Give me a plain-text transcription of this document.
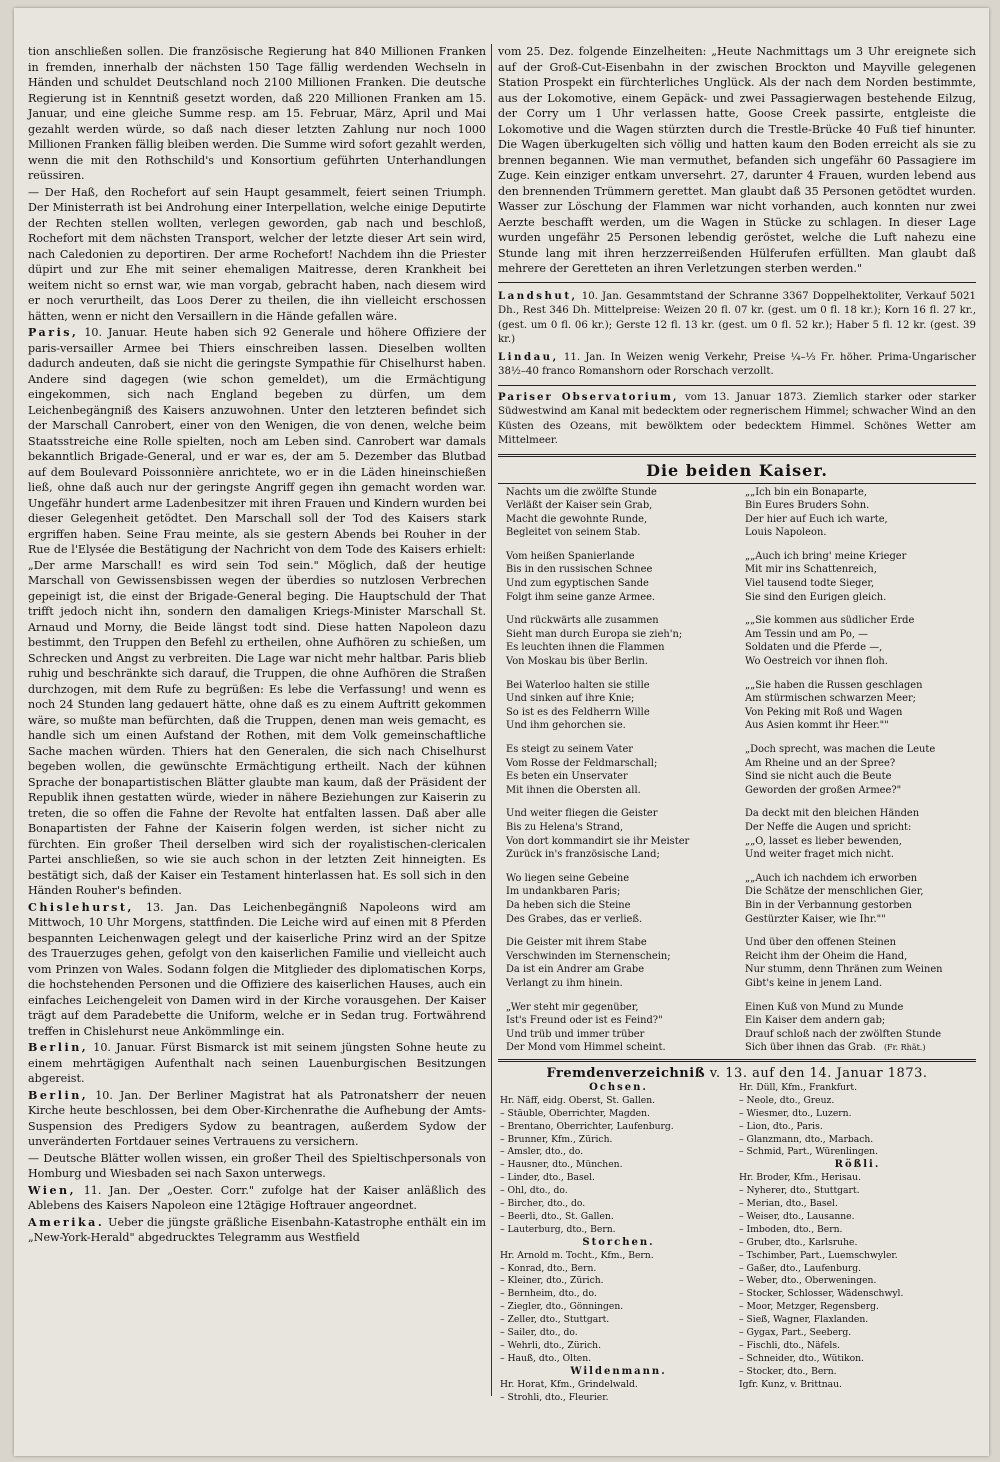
tion anschließen sollen. Die französische Regierung hat 840 Millionen Franken in fremden, innerhalb der nächsten 150 Tage fällig werdenden Wechseln in Händen und schuldet Deutschland noch 2100 Millionen Franken. Die deutsche Regierung ist in Kenntniß gesetzt worden, daß 220 Millionen Franken am 15. Januar, und eine gleiche Summe resp. am 15. Februar, März, April und Mai gezahlt werden würde, so daß nach dieser letzten Zahlung nur noch 1000 Millionen Franken fällig bleiben werden. Die Summe wird sofort gezahlt werden, wenn die mit den Rothschild's und Konsortium geführten Unterhandlungen reüssiren.

— Der Haß, den Rochefort auf sein Haupt gesammelt, feiert seinen Triumph. Der Ministerrath ist bei Androhung einer Interpellation, welche einige Deputirte der Rechten stellen wollten, verlegen geworden, gab nach und beschloß, Rochefort mit dem nächsten Transport, welcher der letzte dieser Art sein wird, nach Caledonien zu deportiren. Der arme Rochefort! Nachdem ihn die Priester düpirt und zur Ehe mit seiner ehemaligen Maitresse, deren Krankheit bei weitem nicht so ernst war, wie man vorgab, gebracht haben, nach diesem wird er noch verurtheilt, das Loos Derer zu theilen, die ihn vielleicht erschossen hätten, wenn er nicht den Versaillern in die Hände gefallen wäre.

Paris, 10. Januar. Heute haben sich 92 Generale und höhere Offiziere der paris-versailler Armee bei Thiers einschreiben lassen. Dieselben wollten dadurch andeuten, daß sie nicht die geringste Sympathie für Chiselhurst haben. Andere sind dagegen (wie schon gemeldet), um die Ermächtigung eingekommen, sich nach England begeben zu dürfen, um dem Leichenbegängniß des Kaisers anzuwohnen. Unter den letzteren befindet sich der Marschall Canrobert, einer von den Wenigen, die von denen, welche beim Staatsstreiche eine Rolle spielten, noch am Leben sind. Canrobert war damals bekanntlich Brigade-General, und er war es, der am 5. Dezember das Blutbad auf dem Boulevard Poissonnière anrichtete, wo er in die Läden hineinschießen ließ, ohne daß auch nur der geringste Angriff gegen ihn gemacht worden war. Ungefähr hundert arme Ladenbesitzer mit ihren Frauen und Kindern wurden bei dieser Gelegenheit getödtet. Den Marschall soll der Tod des Kaisers stark ergriffen haben. Seine Frau meinte, als sie gestern Abends bei Rouher in der Rue de l'Elysée die Bestätigung der Nachricht von dem Tode des Kaisers erhielt: „Der arme Marschall! es wird sein Tod sein." Möglich, daß der heutige Marschall von Gewissensbissen wegen der überdies so nutzlosen Verbrechen gepeinigt ist, die einst der Brigade-General beging. Die Hauptschuld der That trifft jedoch nicht ihn, sondern den damaligen Kriegs-Minister Marschall St. Arnaud und Morny, die Beide längst todt sind. Diese hatten Napoleon dazu bestimmt, den Truppen den Befehl zu ertheilen, ohne Aufhören zu schießen, um Schrecken und Angst zu verbreiten. Die Lage war nicht mehr haltbar. Paris blieb ruhig und beschränkte sich darauf, die Truppen, die ohne Aufhören die Straßen durchzogen, mit dem Rufe zu begrüßen: Es lebe die Verfassung! und wenn es noch 24 Stunden lang gedauert hätte, ohne daß es zu einem Auftritt gekommen wäre, so mußte man befürchten, daß die Truppen, denen man weis gemacht, es handle sich um einen Aufstand der Rothen, mit dem Volk gemeinschaftliche Sache machen würden. Thiers hat den Generalen, die sich nach Chiselhurst begeben wollen, die gewünschte Ermächtigung ertheilt. Nach der kühnen Sprache der bonapartistischen Blätter glaubte man kaum, daß der Präsident der Republik ihnen gestatten würde, wieder in nähere Beziehungen zur Kaiserin zu treten, die so offen die Fahne der Revolte hat entfalten lassen. Daß aber alle Bonapartisten der Fahne der Kaiserin folgen werden, ist sicher nicht zu fürchten. Ein großer Theil derselben wird sich der royalistischen-clericalen Partei anschließen, so wie sie auch schon in der letzten Zeit hinneigten. Es bestätigt sich, daß der Kaiser ein Testament hinterlassen hat. Es soll sich in den Händen Rouher's befinden.

Chislehurst, 13. Jan. Das Leichenbegängniß Napoleons wird am Mittwoch, 10 Uhr Morgens, stattfinden. Die Leiche wird auf einen mit 8 Pferden bespannten Leichenwagen gelegt und der kaiserliche Prinz wird an der Spitze des Trauerzuges gehen, gefolgt von den kaiserlichen Familie und vielleicht auch vom Prinzen von Wales. Sodann folgen die Mitglieder des diplomatischen Korps, die hochstehenden Personen und die Offiziere des kaiserlichen Hauses, auch ein einfaches Leichengeleit von Damen wird in der Kirche vorausgehen. Der Kaiser trägt auf dem Paradebette die Uniform, welche er in Sedan trug. Fortwährend treffen in Chislehurst neue Ankömmlinge ein.

Berlin, 10. Januar. Fürst Bismarck ist mit seinem jüngsten Sohne heute zu einem mehrtägigen Aufenthalt nach seinen Lauenburgischen Besitzungen abgereist.

Berlin, 10. Jan. Der Berliner Magistrat hat als Patronatsherr der neuen Kirche heute beschlossen, bei dem Ober-Kirchenrathe die Aufhebung der Amts-Suspension des Predigers Sydow zu beantragen, außerdem Sydow der unveränderten Fortdauer seines Vertrauens zu versichern.

— Deutsche Blätter wollen wissen, ein großer Theil des Spieltischpersonals von Homburg und Wiesbaden sei nach Saxon unterwegs.

Wien, 11. Jan. Der „Oester. Corr." zufolge hat der Kaiser anläßlich des Ablebens des Kaisers Napoleon eine 12tägige Hoftrauer angeordnet.

Amerika. Ueber die jüngste gräßliche Eisenbahn-Katastrophe enthält ein im „New-York-Herald" abgedrucktes Telegramm aus Westfield

vom 25. Dez. folgende Einzelheiten: „Heute Nachmittags um 3 Uhr ereignete sich auf der Groß-Cut-Eisenbahn in der zwischen Brockton und Mayville gelegenen Station Prospekt ein fürchterliches Unglück. Als der nach dem Norden bestimmte, aus der Lokomotive, einem Gepäck- und zwei Passagierwagen bestehende Eilzug, der Corry um 1 Uhr verlassen hatte, Goose Creek passirte, entgleiste die Lokomotive und die Wagen stürzten durch die Trestle-Brücke 40 Fuß tief hinunter. Die Wagen überkugelten sich völlig und hatten kaum den Boden erreicht als sie zu brennen begannen. Wie man vermuthet, befanden sich ungefähr 60 Passagiere im Zuge. Kein einziger entkam unversehrt. 27, darunter 4 Frauen, wurden lebend aus den brennenden Trümmern gerettet. Man glaubt daß 35 Personen getödtet wurden. Wasser zur Löschung der Flammen war nicht vorhanden, auch konnten nur zwei Aerzte beschafft werden, um die Wagen in Stücke zu schlagen. In dieser Lage wurden ungefähr 25 Personen lebendig geröstet, welche die Luft nahezu eine Stunde lang mit ihren herzzerreißenden Hülferufen erfüllten. Man glaubt daß mehrere der Geretteten an ihren Verletzungen sterben werden."

Landshut, 10. Jan. Gesammtstand der Schranne 3367 Doppelhektoliter, Verkauf 5021 Dh., Rest 346 Dh. Mittelpreise: Weizen 20 fl. 07 kr. (gest. um 0 fl. 18 kr.); Korn 16 fl. 27 kr., (gest. um 0 fl. 06 kr.); Gerste 12 fl. 13 kr. (gest. um 0 fl. 52 kr.); Haber 5 fl. 12 kr. (gest. 39 kr.)

Lindau, 11. Jan. In Weizen wenig Verkehr, Preise ¼–⅓ Fr. höher. Prima-Ungarischer 38½–40 franco Romanshorn oder Rorschach verzollt.

Pariser Observatorium, vom 13. Januar 1873. Ziemlich starker oder starker Südwestwind am Kanal mit bedecktem oder regnerischem Himmel; schwacher Wind an den Küsten des Ozeans, mit bewölktem oder bedecktem Himmel. Schönes Wetter am Mittelmeer.

Die beiden Kaiser.
Nachts um die zwölfte Stunde
Verläßt der Kaiser sein Grab,
Macht die gewohnte Runde,
Begleitet von seinem Stab.
Vom heißen Spanierlande
Bis in den russischen Schnee
Und zum egyptischen Sande
Folgt ihm seine ganze Armee.
Und rückwärts alle zusammen
Sieht man durch Europa sie zieh'n;
Es leuchten ihnen die Flammen
Von Moskau bis über Berlin.
Bei Waterloo halten sie stille
Und sinken auf ihre Knie;
So ist es des Feldherrn Wille
Und ihm gehorchen sie.
Es steigt zu seinem Vater
Vom Rosse der Feldmarschall;
Es beten ein Unservater
Mit ihnen die Obersten all.
Und weiter fliegen die Geister
Bis zu Helena's Strand,
Von dort kommandirt sie ihr Meister
Zurück in's französische Land;
Wo liegen seine Gebeine
Im undankbaren Paris;
Da heben sich die Steine
Des Grabes, das er verließ.
Die Geister mit ihrem Stabe
Verschwinden im Sternenschein;
Da ist ein Andrer am Grabe
Verlangt zu ihm hinein.
„Wer steht mir gegenüber,
Ist's Freund oder ist es Feind?"
Und trüb und immer trüber
Der Mond vom Himmel scheint.
„„Ich bin ein Bonaparte,
Bin Eures Bruders Sohn.
Der hier auf Euch ich warte,
Louis Napoleon.
„„Auch ich bring' meine Krieger
Mit mir ins Schattenreich,
Viel tausend todte Sieger,
Sie sind den Eurigen gleich.
„„Sie kommen aus südlicher Erde
Am Tessin und am Po, —
Soldaten und die Pferde —,
Wo Oestreich vor ihnen floh.
„„Sie haben die Russen geschlagen
Am stürmischen schwarzen Meer;
Von Peking mit Roß und Wagen
Aus Asien kommt ihr Heer.""
„Doch sprecht, was machen die Leute
Am Rheine und an der Spree?
Sind sie nicht auch die Beute
Geworden der großen Armee?"
Da deckt mit den bleichen Händen
Der Neffe die Augen und spricht:
„„O, lasset es lieber bewenden,
Und weiter fraget mich nicht.
„„Auch ich nachdem ich erworben
Die Schätze der menschlichen Gier,
Bin in der Verbannung gestorben
Gestürzter Kaiser, wie Ihr.""
Und über den offenen Steinen
Reicht ihm der Oheim die Hand,
Nur stumm, denn Thränen zum Weinen
Gibt's keine in jenem Land.
Einen Kuß von Mund zu Munde
Ein Kaiser dem andern gab;
Drauf schloß nach der zwölften Stunde
Sich über ihnen das Grab. (Fr. Rhät.)
Fremdenverzeichniß v. 13. auf den 14. Januar 1873.
Ochsen.
Hr. Näff, eidg. Oberst, St. Gallen.
– Stäuble, Oberrichter, Magden.
– Brentano, Oberrichter, Laufenburg.
– Brunner, Kfm., Zürich.
– Amsler, dto., do.
– Hausner, dto., München.
– Linder, dto., Basel.
– Ohl, dto., do.
– Bircher, dto., do.
– Beerli, dto., St. Gallen.
– Lauterburg, dto., Bern.
Storchen.
Hr. Arnold m. Tocht., Kfm., Bern.
– Konrad, dto., Bern.
– Kleiner, dto., Zürich.
– Bernheim, dto., do.
– Ziegler, dto., Gönningen.
– Zeller, dto., Stuttgart.
– Sailer, dto., do.
– Wehrli, dto., Zürich.
– Hauß, dto., Olten.
Wildenmann.
Hr. Horat, Kfm., Grindelwald.
– Strohli, dto., Fleurier.
Hr. Düll, Kfm., Frankfurt.
– Neole, dto., Greuz.
– Wiesmer, dto., Luzern.
– Lion, dto., Paris.
– Glanzmann, dto., Marbach.
– Schmid, Part., Würenlingen.
Rößli.
Hr. Broder, Kfm., Herisau.
– Nyherer, dto., Stuttgart.
– Merian, dto., Basel.
– Weiser, dto., Lausanne.
– Imboden, dto., Bern.
– Gruber, dto., Karlsruhe.
– Tschimber, Part., Luemschwyler.
– Gaßer, dto., Laufenburg.
– Weber, dto., Oberweningen.
– Stocker, Schlosser, Wädenschwyl.
– Moor, Metzger, Regensberg.
– Sieß, Wagner, Flaxlanden.
– Gygax, Part., Seeberg.
– Fischli, dto., Näfels.
– Schneider, dto., Wütikon.
– Stocker, dto., Bern.
Igfr. Kunz, v. Brittnau.
